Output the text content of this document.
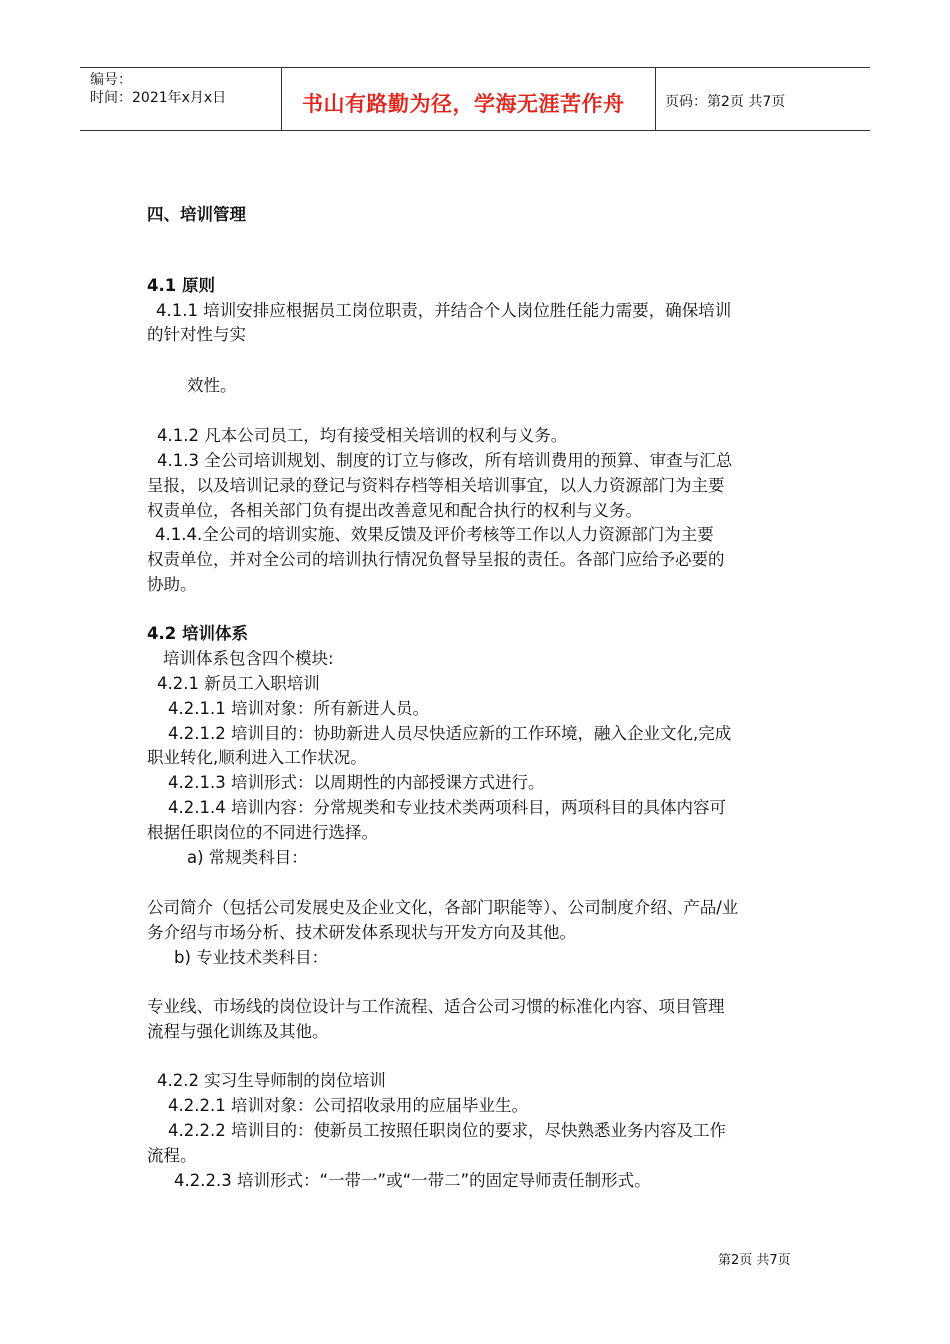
编号：
时间：2021年x月x日	书山有路勤为径，学海无涯苦作舟	页码：第2页 共7页
四、培训管理
4.1 原则
4.1.1 培训安排应根据员工岗位职责，并结合个人岗位胜任能力需要，确保培训
的针对性与实
效性。
4.1.2 凡本公司员工，均有接受相关培训的权利与义务。
4.1.3 全公司培训规划、制度的订立与修改，所有培训费用的预算、审查与汇总
呈报，以及培训记录的登记与资料存档等相关培训事宜，以人力资源部门为主要
权责单位，各相关部门负有提出改善意见和配合执行的权利与义务。
4.1.4.全公司的培训实施、效果反馈及评价考核等工作以人力资源部门为主要
权责单位，并对全公司的培训执行情况负督导呈报的责任。各部门应给予必要的
协助。
4.2 培训体系
培训体系包含四个模块:
4.2.1 新员工入职培训
4.2.1.1 培训对象：所有新进人员。
4.2.1.2 培训目的：协助新进人员尽快适应新的工作环境，融入企业文化,完成
职业转化,顺利进入工作状况。
4.2.1.3 培训形式：以周期性的内部授课方式进行。
4.2.1.4 培训内容：分常规类和专业技术类两项科目，两项科目的具体内容可
根据任职岗位的不同进行选择。
a) 常规类科目：
公司简介（包括公司发展史及企业文化，各部门职能等）、公司制度介绍、产品/业
务介绍与市场分析、技术研发体系现状与开发方向及其他。
b) 专业技术类科目：
专业线、市场线的岗位设计与工作流程、适合公司习惯的标准化内容、项目管理
流程与强化训练及其他。
4.2.2 实习生导师制的岗位培训
4.2.2.1 培训对象：公司招收录用的应届毕业生。
4.2.2.2 培训目的：使新员工按照任职岗位的要求，尽快熟悉业务内容及工作
流程。
4.2.2.3 培训形式：“一带一”或“一带二”的固定导师责任制形式。
第2页 共7页
